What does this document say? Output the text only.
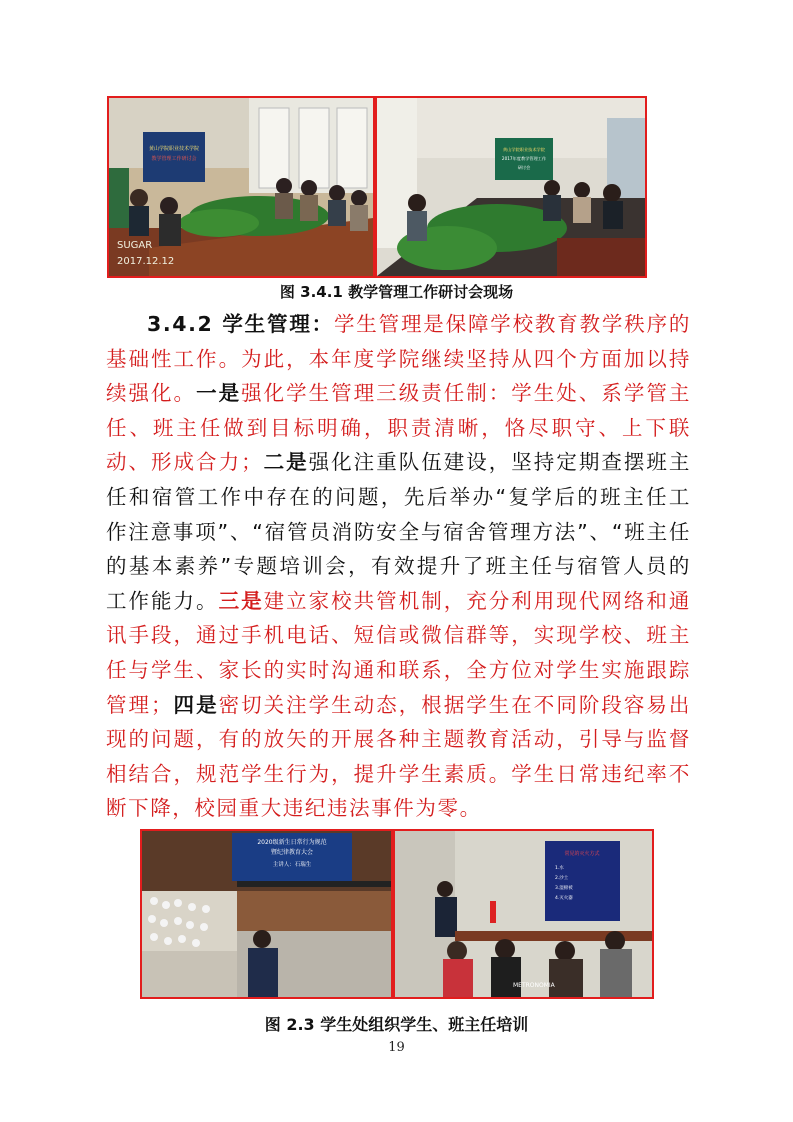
黄山学院职业技术学院
教学管理工作研讨会
SUGAR
2017.12.12
黄山学院职业技术学院
2017年度教学管理工作
研讨会
图 3.4.1 教学管理工作研讨会现场

3.4.2 学生管理：学生管理是保障学校教育教学秩序的基础性工作。为此，本年度学院继续坚持从四个方面加以持续强化。一是强化学生管理三级责任制：学生处、系学管主任、班主任做到目标明确，职责清晰，恪尽职守、上下联动、形成合力；二是强化注重队伍建设，坚持定期查摆班主任和宿管工作中存在的问题，先后举办“复学后的班主任工作注意事项”、“宿管员消防安全与宿舍管理方法”、“班主任的基本素养”专题培训会，有效提升了班主任与宿管人员的工作能力。三是建立家校共管机制，充分利用现代网络和通讯手段，通过手机电话、短信或微信群等，实现学校、班主任与学生、家长的实时沟通和联系，全方位对学生实施跟踪管理；四是密切关注学生动态，根据学生在不同阶段容易出现的问题，有的放矢的开展各种主题教育活动，引导与监督相结合，规范学生行为，提升学生素质。学生日常违纪率不断下降，校园重大违纪违法事件为零。

2020级新生日常行为规范
暨纪律教育大会
主讲人：石瑞生
常见的灭火方式
1.水
2.沙土
3.湿棉被
4.灭火器
METRONOMIA
图 2.3 学生处组织学生、班主任培训
19
